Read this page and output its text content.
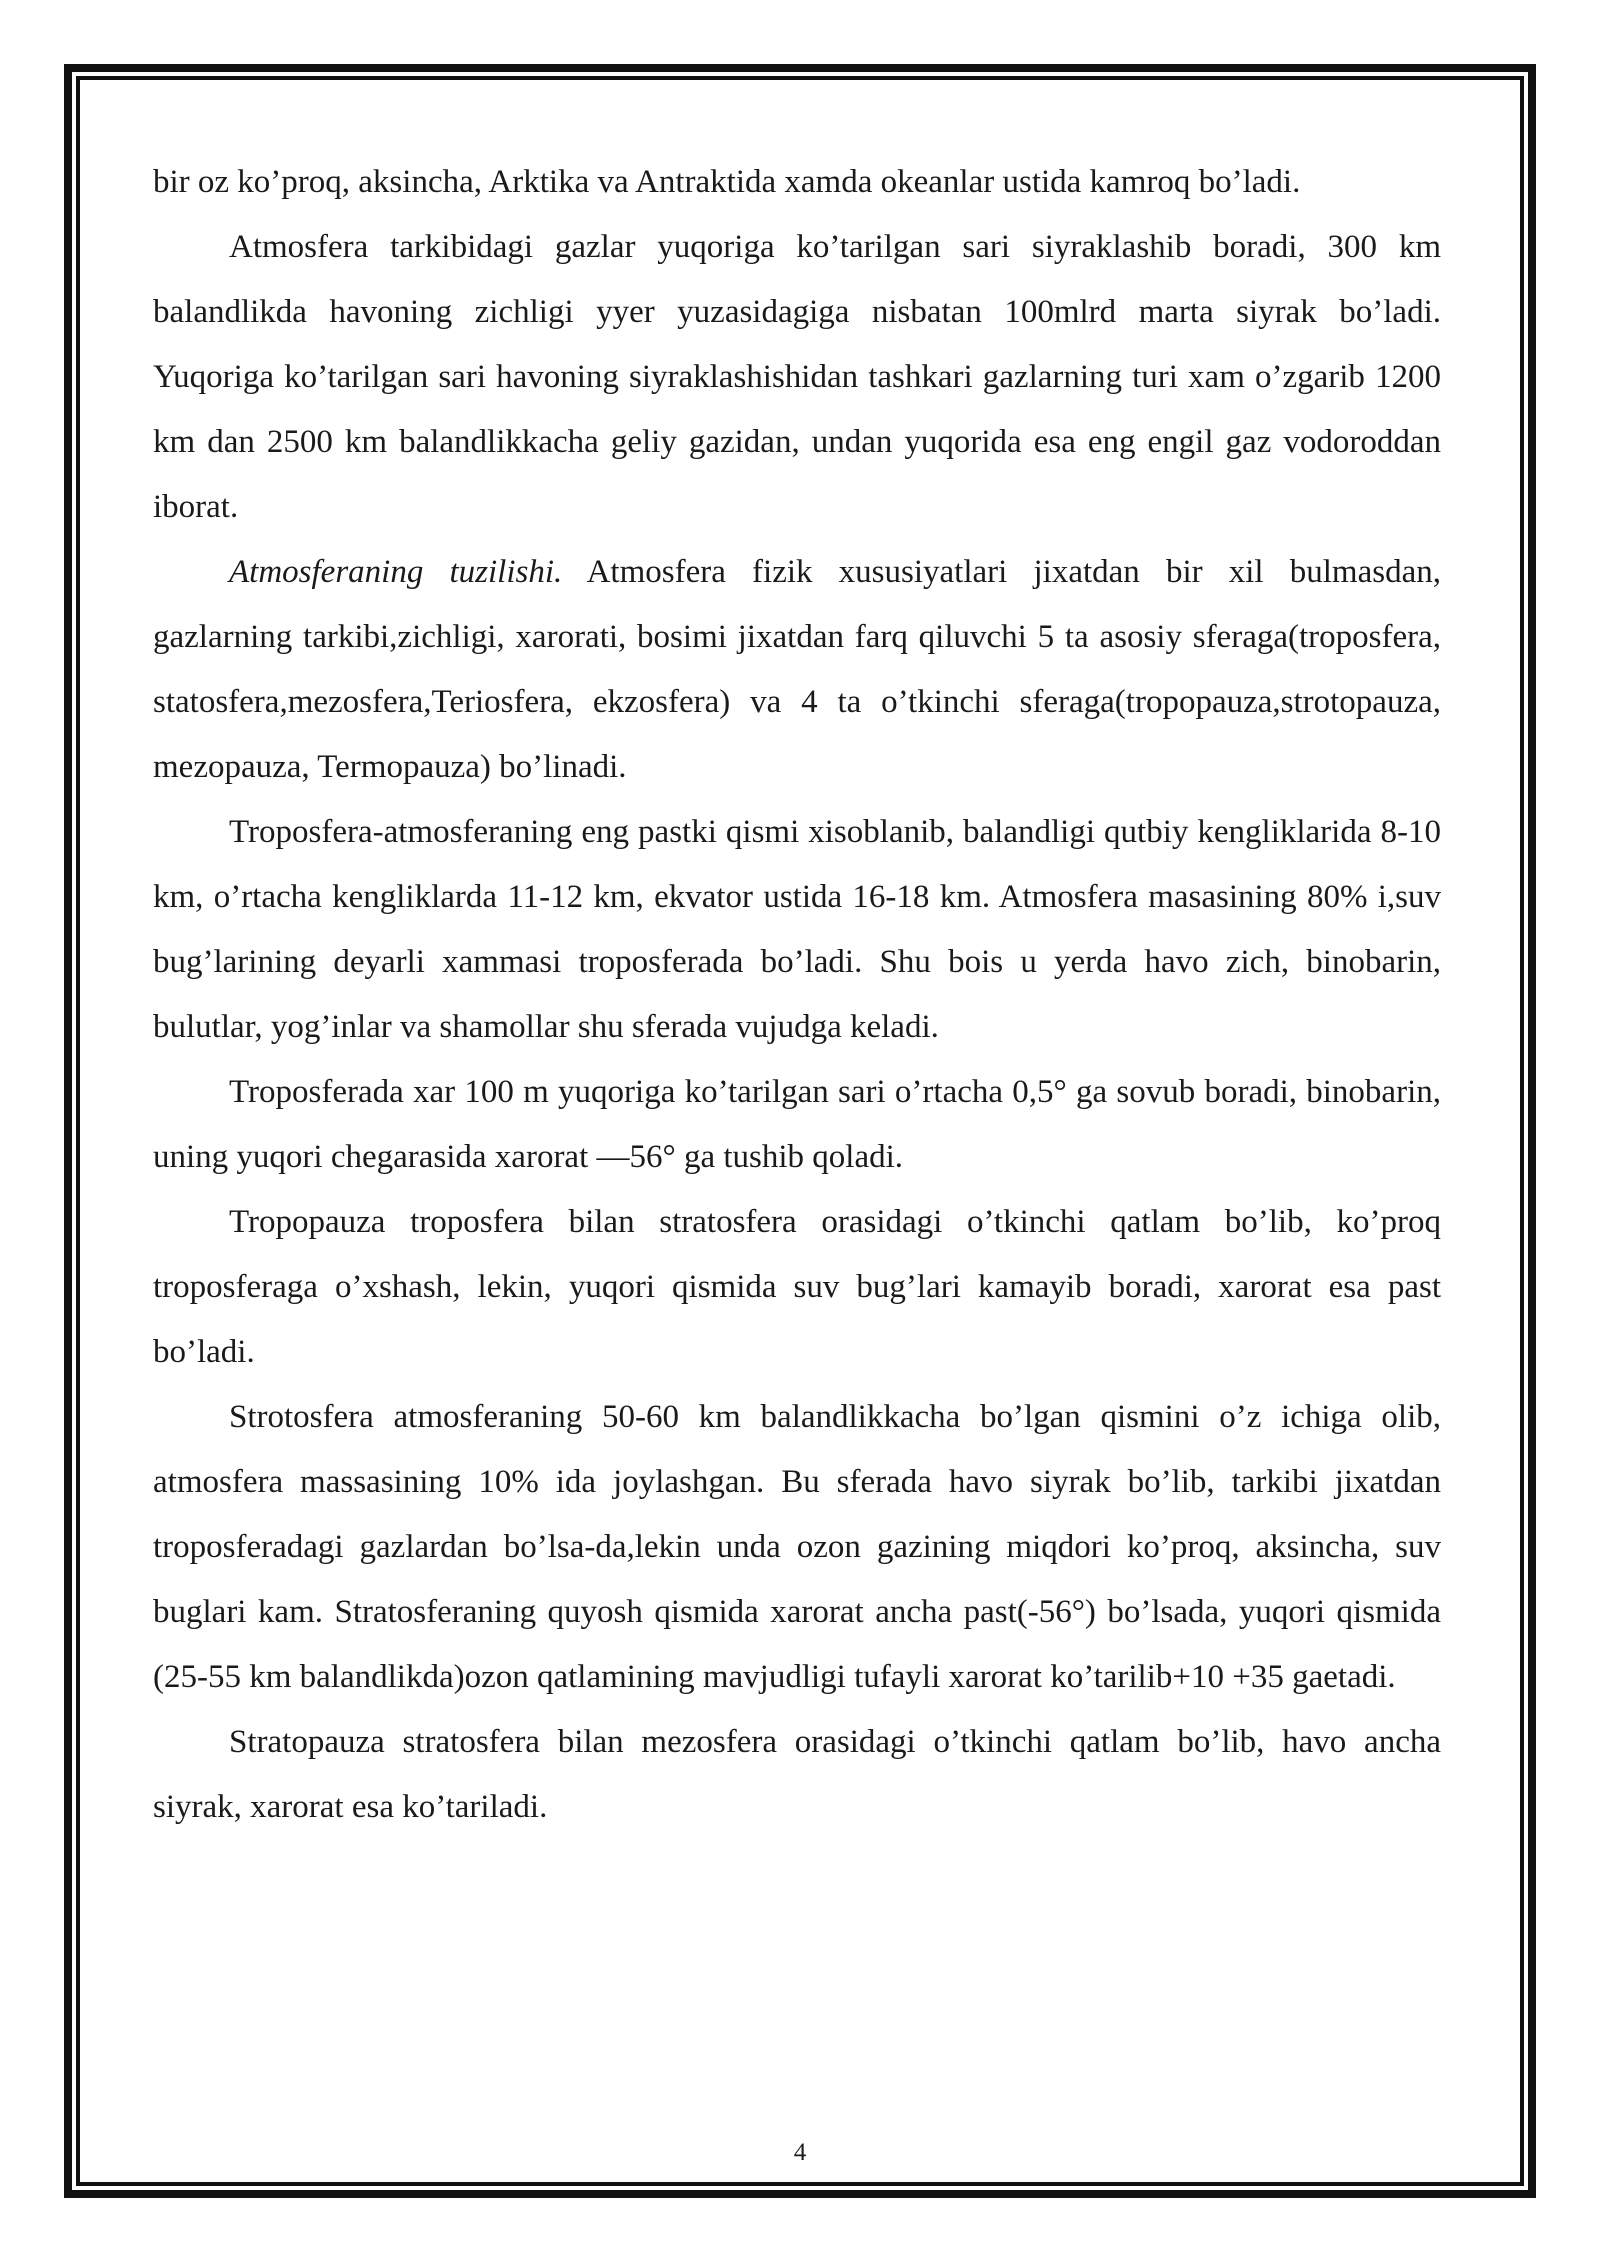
bir oz ko’proq, aksincha, Arktika va Antraktida xamda okeanlar ustida kamroq bo’ladi.

Atmosfera tarkibidagi gazlar yuqoriga ko’tarilgan sari siyraklashib boradi, 300 km balandlikda havoning zichligi yyer yuzasidagiga nisbatan 100mlrd marta siyrak bo’ladi. Yuqoriga ko’tarilgan sari havoning siyraklashishidan tashkari gazlarning turi xam o’zgarib 1200 km dan 2500 km balandlikkacha geliy gazidan, undan yuqorida esa eng engil gaz vodoroddan iborat.

Atmosferaning tuzilishi. Atmosfera fizik xususiyatlari jixatdan bir xil bulmasdan, gazlarning tarkibi,zichligi, xarorati, bosimi jixatdan farq qiluvchi 5 ta asosiy sferaga(troposfera, statosfera,mezosfera,Teriosfera, ekzosfera) va 4 ta o’tkinchi sferaga(tropopauza,strotopauza, mezopauza, Termopauza) bo’linadi.

Troposfera-atmosferaning eng pastki qismi xisoblanib, balandligi qutbiy kengliklarida 8-10 km, o’rtacha kengliklarda 11-12 km, ekvator ustida 16-18 km. Atmosfera masasining 80% i,suv bug’larining deyarli xammasi troposferada bo’ladi. Shu bois u yerda havo zich, binobarin, bulutlar, yog’inlar va shamollar shu sferada vujudga keladi.

Troposferada xar 100 m yuqoriga ko’tarilgan sari o’rtacha 0,5° ga sovub boradi, binobarin, uning yuqori chegarasida xarorat —56° ga tushib qoladi.

Tropopauza troposfera bilan stratosfera orasidagi o’tkinchi qatlam bo’lib, ko’proq troposferaga o’xshash, lekin, yuqori qismida suv bug’lari kamayib boradi, xarorat esa past bo’ladi.

Strotosfera atmosferaning 50-60 km balandlikkacha bo’lgan qismini o’z ichiga olib, atmosfera massasining 10% ida joylashgan. Bu sferada havo siyrak bo’lib, tarkibi jixatdan troposferadagi gazlardan bo’lsa-da,lekin unda ozon gazining miqdori ko’proq, aksincha, suv buglari kam. Stratosferaning quyosh qismida xarorat ancha past(-56°) bo’lsada, yuqori qismida (25-55 km balandlikda)ozon qatlamining mavjudligi tufayli xarorat ko’tarilib+10 +35 gaetadi.

Stratopauza stratosfera bilan mezosfera orasidagi o’tkinchi qatlam bo’lib, havo ancha siyrak, xarorat esa ko’tariladi.

4
